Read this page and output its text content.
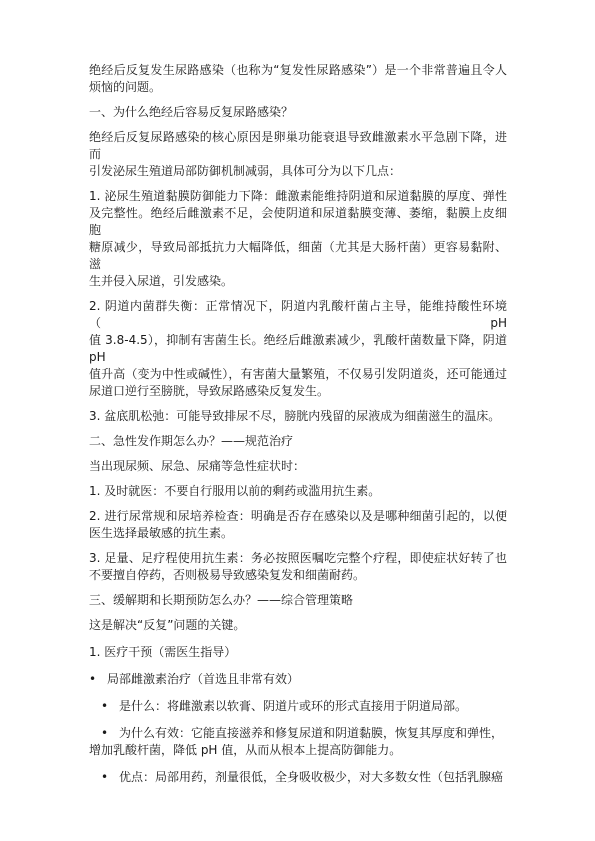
绝经后反复发生尿路感染（也称为“复发性尿路感染”）是一个非常普遍且令人
烦恼的问题。
一、为什么绝经后容易反复尿路感染？
绝经后反复尿路感染的核心原因是卵巢功能衰退导致雌激素水平急剧下降，进而
引发泌尿生殖道局部防御机制减弱，具体可分为以下几点：
1. 泌尿生殖道黏膜防御能力下降：雌激素能维持阴道和尿道黏膜的厚度、弹性
及完整性。绝经后雌激素不足，会使阴道和尿道黏膜变薄、萎缩，黏膜上皮细胞
糖原减少，导致局部抵抗力大幅降低，细菌（尤其是大肠杆菌）更容易黏附、滋
生并侵入尿道，引发感染。
2. 阴道内菌群失衡：正常情况下，阴道内乳酸杆菌占主导，能维持酸性环境（pH
值 3.8-4.5），抑制有害菌生长。绝经后雌激素减少，乳酸杆菌数量下降，阴道 pH
值升高（变为中性或碱性），有害菌大量繁殖，不仅易引发阴道炎，还可能通过
尿道口逆行至膀胱，导致尿路感染反复发生。
3. 盆底肌松弛：可能导致排尿不尽，膀胱内残留的尿液成为细菌滋生的温床。
二、急性发作期怎么办？——规范治疗
当出现尿频、尿急、尿痛等急性症状时：
1. 及时就医：不要自行服用以前的剩药或滥用抗生素。
2. 进行尿常规和尿培养检查：明确是否存在感染以及是哪种细菌引起的，以便
医生选择最敏感的抗生素。
3. 足量、足疗程使用抗生素：务必按照医嘱吃完整个疗程，即使症状好转了也
不要擅自停药，否则极易导致感染复发和细菌耐药。
三、缓解期和长期预防怎么办？——综合管理策略
这是解决“反复”问题的关键。
1. 医疗干预（需医生指导）
• 局部雌激素治疗（首选且非常有效）
• 是什么：将雌激素以软膏、阴道片或环的形式直接用于阴道局部。
• 为什么有效：它能直接滋养和修复尿道和阴道黏膜，恢复其厚度和弹性，
增加乳酸杆菌，降低 pH 值，从而从根本上提高防御能力。
• 优点：局部用药，剂量很低，全身吸收极少，对大多数女性（包括乳腺癌
